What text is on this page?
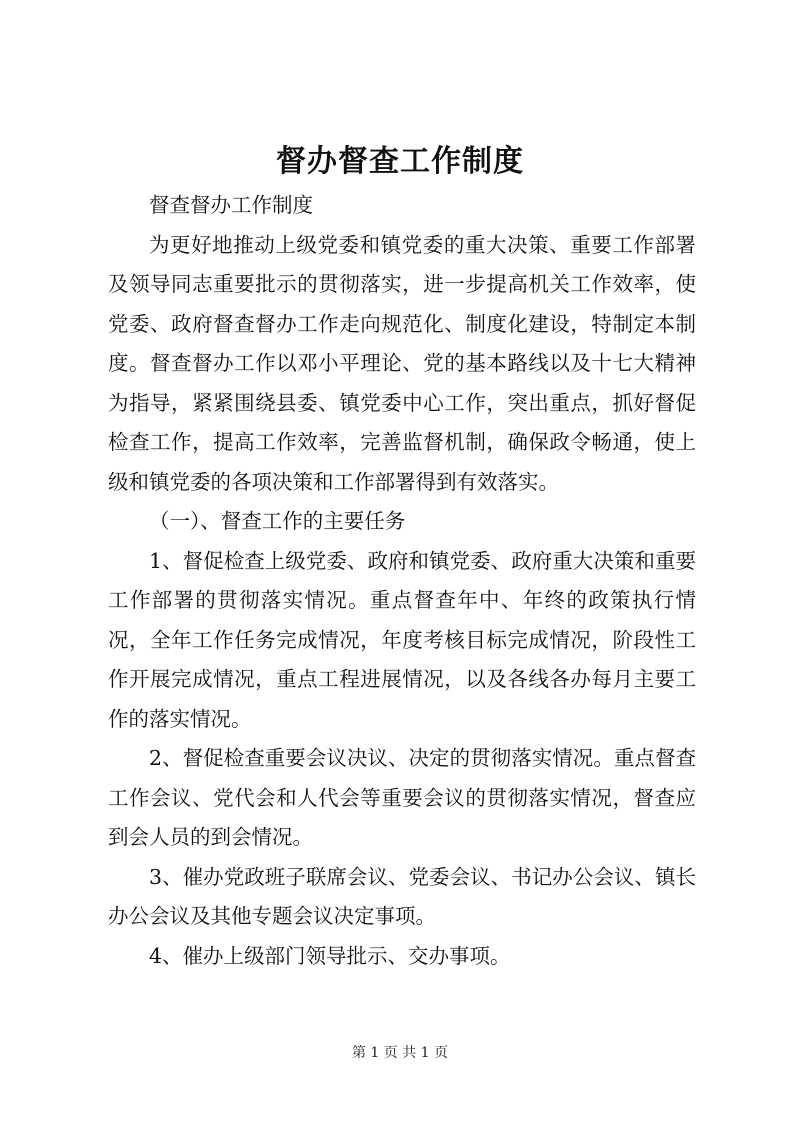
督办督查工作制度

督查督办工作制度

为更好地推动上级党委和镇党委的重大决策、重要工作部署及领导同志重要批示的贯彻落实，进一步提高机关工作效率，使党委、政府督查督办工作走向规范化、制度化建设，特制定本制度。督查督办工作以邓小平理论、党的基本路线以及十七大精神为指导，紧紧围绕县委、镇党委中心工作，突出重点，抓好督促检查工作，提高工作效率，完善监督机制，确保政令畅通，使上级和镇党委的各项决策和工作部署得到有效落实。

（一）、督查工作的主要任务

1、督促检查上级党委、政府和镇党委、政府重大决策和重要工作部署的贯彻落实情况。重点督查年中、年终的政策执行情况，全年工作任务完成情况，年度考核目标完成情况，阶段性工作开展完成情况，重点工程进展情况，以及各线各办每月主要工作的落实情况。

2、督促检查重要会议决议、决定的贯彻落实情况。重点督查工作会议、党代会和人代会等重要会议的贯彻落实情况，督查应到会人员的到会情况。

3、催办党政班子联席会议、党委会议、书记办公会议、镇长办公会议及其他专题会议决定事项。

4、催办上级部门领导批示、交办事项。

第 1 页 共 1 页
